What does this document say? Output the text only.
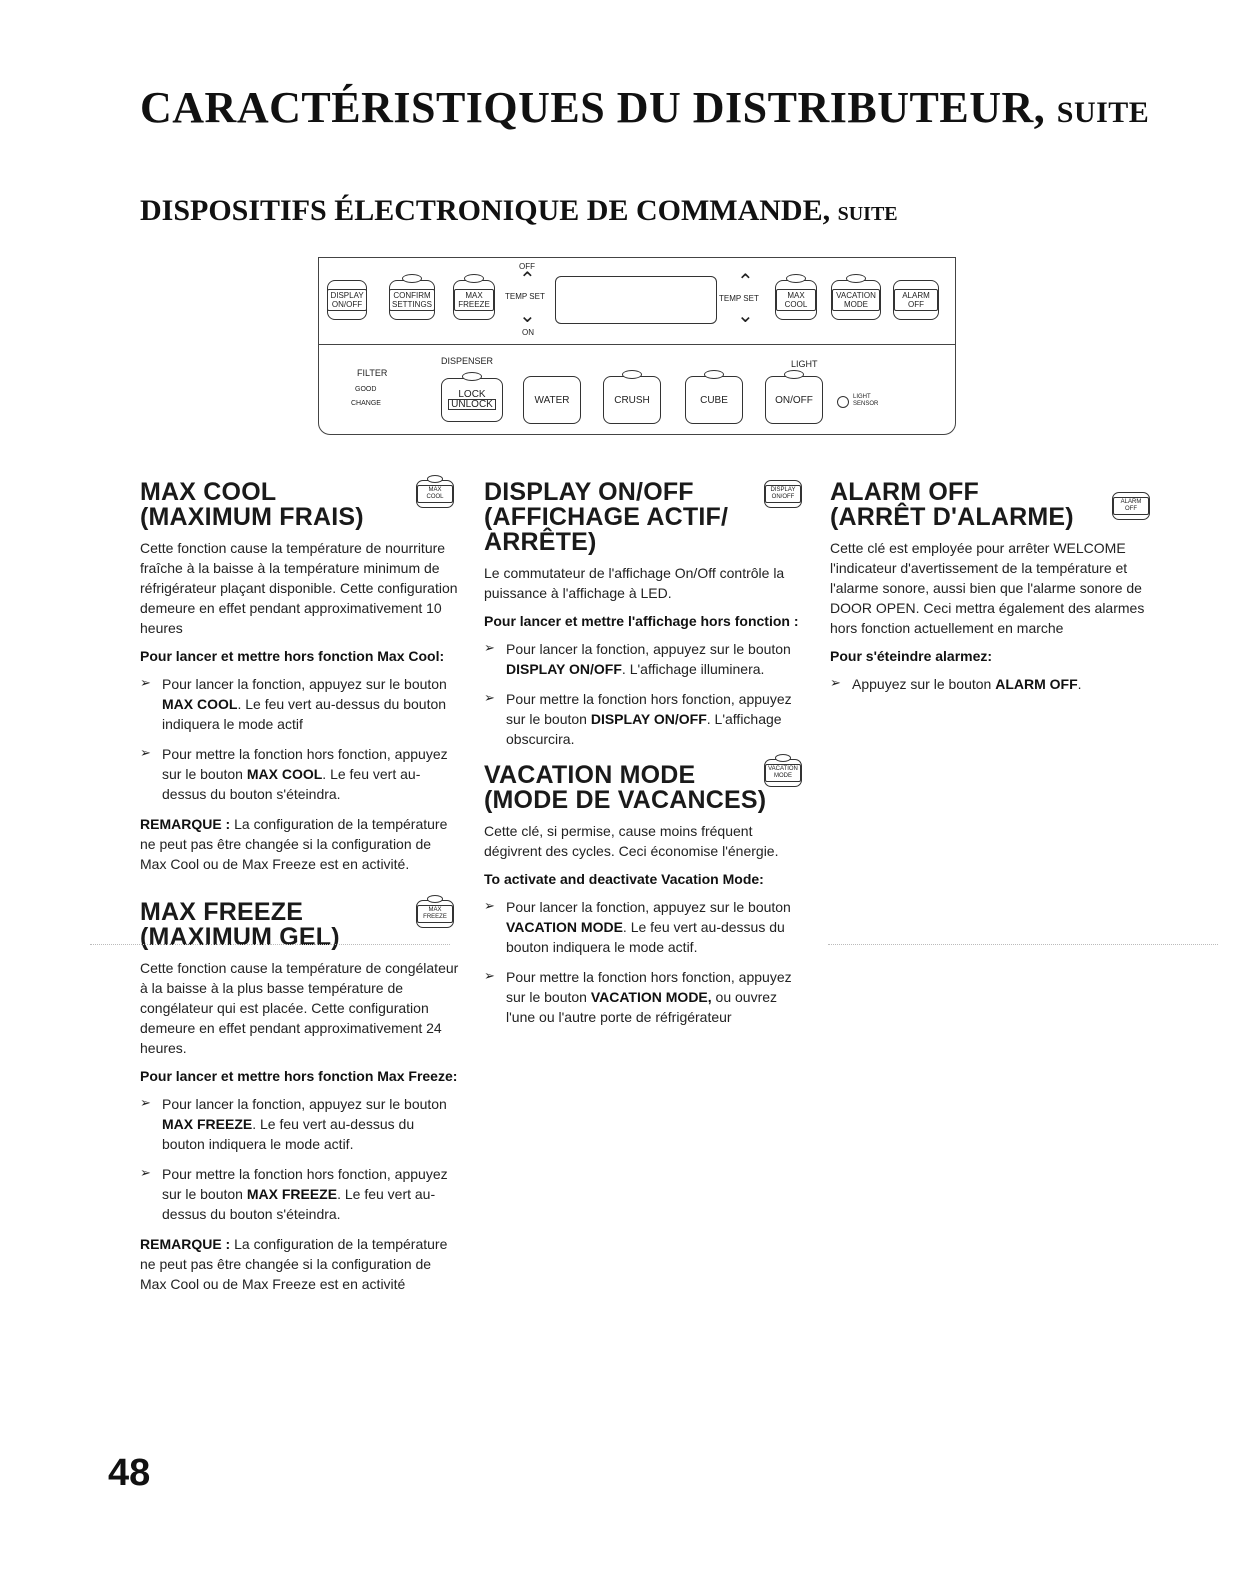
CARACTÉRISTIQUES DU DISTRIBUTEUR, SUITE
DISPOSITIFS ÉLECTRONIQUE DE COMMANDE, SUITE
DISPLAY ON/OFF
CONFIRM SETTINGS
MAX FREEZE
OFF
⌃
TEMP SET
⌄
ON
⌃
TEMP SET
⌄
MAX COOL
VACATION MODE
ALARM OFF
FILTER
GOOD
CHANGE
DISPENSER	LIGHT
LOCK
UNLOCK	WATER	CRUSH	CUBE	ON/OFF	LIGHT SENSOR
MAX COOL
(MAXIMUM FRAIS)
MAX COOL

Cette fonction cause la température de nourriture fraîche à la baisse à la température minimum de réfrigérateur plaçant disponible. Cette configuration demeure en effet pendant approximativement 10 heures

Pour lancer et mettre hors fonction Max Cool:

➢ Pour lancer la fonction, appuyez sur le bouton MAX COOL. Le feu vert au-dessus du bouton indiquera le mode actif
➢ Pour mettre la fonction hors fonction, appuyez sur le bouton MAX COOL. Le feu vert au-dessus du bouton s'éteindra.

REMARQUE : La configuration de la température ne peut pas être changée si la configuration de Max Cool ou de Max Freeze est en activité.

MAX FREEZE
(MAXIMUM GEL)
MAX FREEZE

Cette fonction cause la température de congélateur à la baisse à la plus basse température de congélateur qui est placée. Cette configuration demeure en effet pendant approximativement 24 heures.

Pour lancer et mettre hors fonction Max Freeze:

➢ Pour lancer la fonction, appuyez sur le bouton MAX FREEZE. Le feu vert au-dessus du bouton indiquera le mode actif.
➢ Pour mettre la fonction hors fonction, appuyez sur le bouton MAX FREEZE. Le feu vert au-dessus du bouton s'éteindra.

REMARQUE : La configuration de la température ne peut pas être changée si la configuration de Max Cool ou de Max Freeze est en activité

DISPLAY ON/OFF
(AFFICHAGE ACTIF/
ARRÊTE)
DISPLAY ON/OFF

Le commutateur de l'affichage On/Off contrôle la puissance à l'affichage à LED.

Pour lancer et mettre l'affichage hors fonction :

➢ Pour lancer la fonction, appuyez sur le bouton DISPLAY ON/OFF. L'affichage illuminera.
➢ Pour mettre la fonction hors fonction, appuyez sur le bouton DISPLAY ON/OFF. L'affichage obscurcira.
VACATION MODE
(MODE DE VACANCES)
VACATION MODE

Cette clé, si permise, cause moins fréquent dégivrent des cycles. Ceci économise l'énergie.

To activate and deactivate Vacation Mode:

➢ Pour lancer la fonction, appuyez sur le bouton VACATION MODE. Le feu vert au-dessus du bouton indiquera le mode actif.
➢ Pour mettre la fonction hors fonction, appuyez sur le bouton VACATION MODE, ou ouvrez l'une ou l'autre porte de réfrigérateur
ALARM OFF
(ARRÊT D'ALARME)
ALARM OFF

Cette clé est employée pour arrêter WELCOME l'indicateur d'avertissement de la température et l'alarme sonore, aussi bien que l'alarme sonore de DOOR OPEN. Ceci mettra également des alarmes hors fonction actuellement en marche

Pour s'éteindre alarmez:

➢ Appuyez sur le bouton ALARM OFF.
48
